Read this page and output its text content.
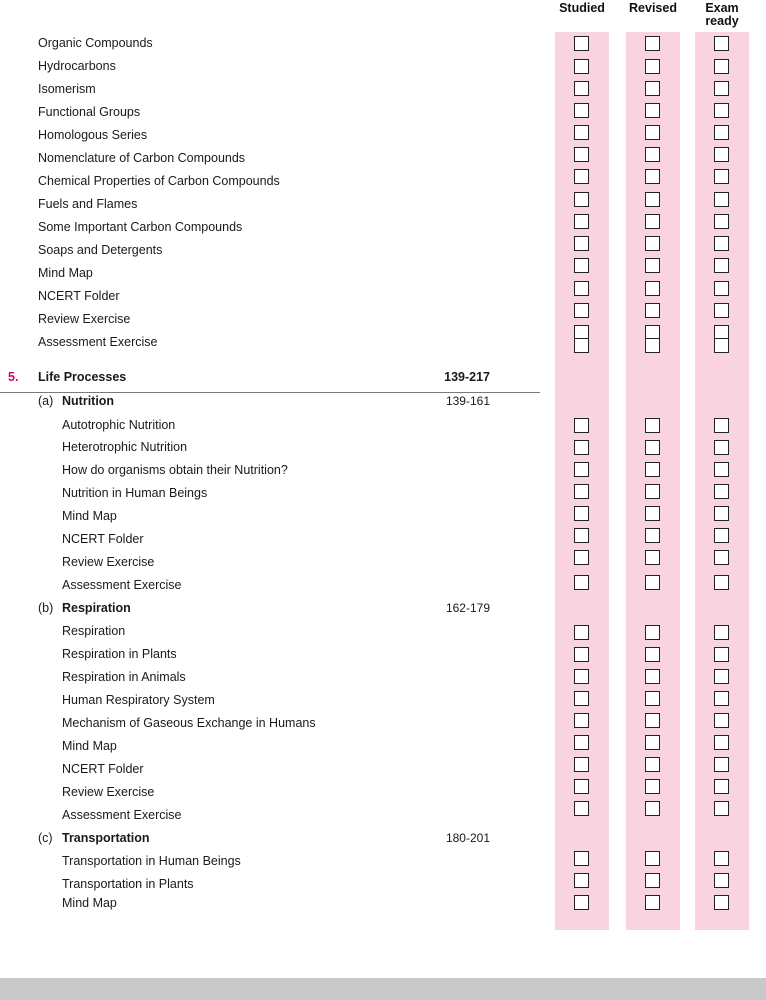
Studied	Revised	Exam
ready
Organic Compounds
Hydrocarbons
Isomerism
Functional Groups
Homologous Series
Nomenclature of Carbon Compounds
Chemical Properties of Carbon Compounds
Fuels and Flames
Some Important Carbon Compounds
Soaps and Detergents
Mind Map
NCERT Folder
Review Exercise
Assessment Exercise
5.	Life Processes	139-217
(a) Nutrition	139-161
Autotrophic Nutrition
Heterotrophic Nutrition
How do organisms obtain their Nutrition?
Nutrition in Human Beings
Mind Map
NCERT Folder
Review Exercise
Assessment Exercise
(b) Respiration	162-179
Respiration
Respiration in Plants
Respiration in Animals
Human Respiratory System
Mechanism of Gaseous Exchange in Humans
Mind Map
NCERT Folder
Review Exercise
Assessment Exercise
(c) Transportation	180-201
Transportation in Human Beings
Transportation in Plants
Mind Map
